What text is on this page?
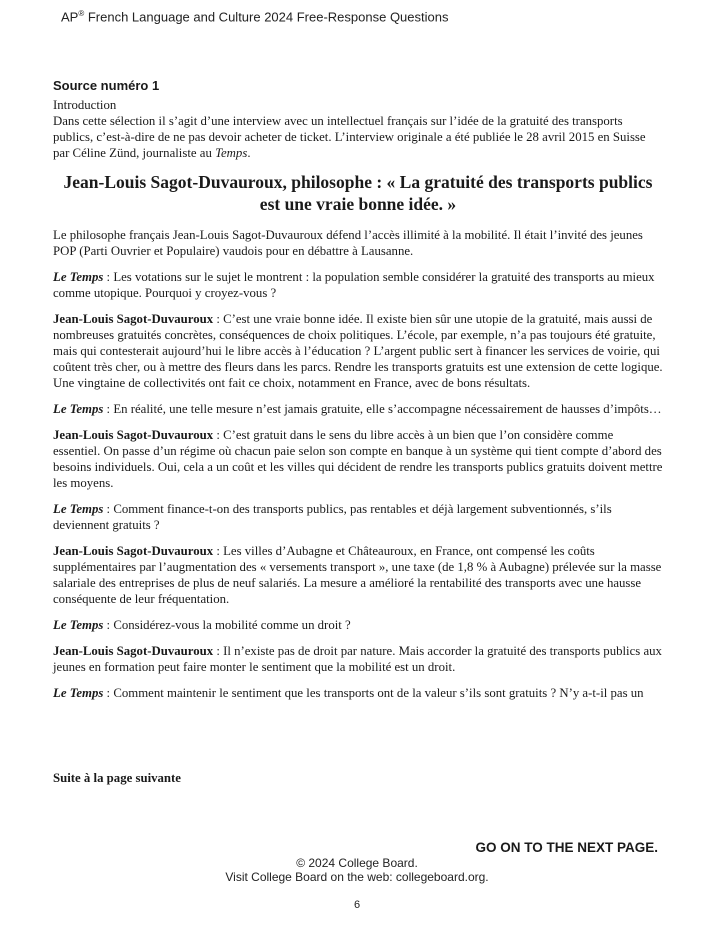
AP® French Language and Culture 2024 Free-Response Questions

Source numéro 1

Introduction

Dans cette sélection il s’agit d’une interview avec un intellectuel français sur l’idée de la gratuité des transports publics, c’est-à-dire de ne pas devoir acheter de ticket. L’interview originale a été publiée le 28 avril 2015 en Suisse par Céline Zünd, journaliste au Temps.

Jean-Louis Sagot-Duvauroux, philosophe : « La gratuité des transports publics est une vraie bonne idée. »

Le philosophe français Jean-Louis Sagot-Duvauroux défend l’accès illimité à la mobilité. Il était l’invité des jeunes POP (Parti Ouvrier et Populaire) vaudois pour en débattre à Lausanne.

Le Temps : Les votations sur le sujet le montrent : la population semble considérer la gratuité des transports au mieux comme utopique. Pourquoi y croyez-vous ?

Jean-Louis Sagot-Duvauroux : C’est une vraie bonne idée. Il existe bien sûr une utopie de la gratuité, mais aussi de nombreuses gratuités concrètes, conséquences de choix politiques. L’école, par exemple, n’a pas toujours été gratuite, mais qui contesterait aujourd’hui le libre accès à l’éducation ? L’argent public sert à financer les services de voirie, qui coûtent très cher, ou à mettre des fleurs dans les parcs. Rendre les transports gratuits est une extension de cette logique. Une vingtaine de collectivités ont fait ce choix, notamment en France, avec de bons résultats.

Le Temps : En réalité, une telle mesure n’est jamais gratuite, elle s’accompagne nécessairement de hausses d’impôts…

Jean-Louis Sagot-Duvauroux : C’est gratuit dans le sens du libre accès à un bien que l’on considère comme essentiel. On passe d’un régime où chacun paie selon son compte en banque à un système qui tient compte d’abord des besoins individuels. Oui, cela a un coût et les villes qui décident de rendre les transports publics gratuits doivent mettre les moyens.

Le Temps : Comment finance-t-on des transports publics, pas rentables et déjà largement subventionnés, s’ils deviennent gratuits ?

Jean-Louis Sagot-Duvauroux : Les villes d’Aubagne et Châteauroux, en France, ont compensé les coûts supplémentaires par l’augmentation des « versements transport », une taxe (de 1,8 % à Aubagne) prélevée sur la masse salariale des entreprises de plus de neuf salariés. La mesure a amélioré la rentabilité des transports avec une hausse conséquente de leur fréquentation.

Le Temps : Considérez-vous la mobilité comme un droit ?

Jean-Louis Sagot-Duvauroux : Il n’existe pas de droit par nature. Mais accorder la gratuité des transports publics aux jeunes en formation peut faire monter le sentiment que la mobilité est un droit.

Le Temps : Comment maintenir le sentiment que les transports ont de la valeur s’ils sont gratuits ? N’y a-t-il pas un

Suite à la page suivante
GO ON TO THE NEXT PAGE.
© 2024 College Board.
Visit College Board on the web: collegeboard.org.
6
